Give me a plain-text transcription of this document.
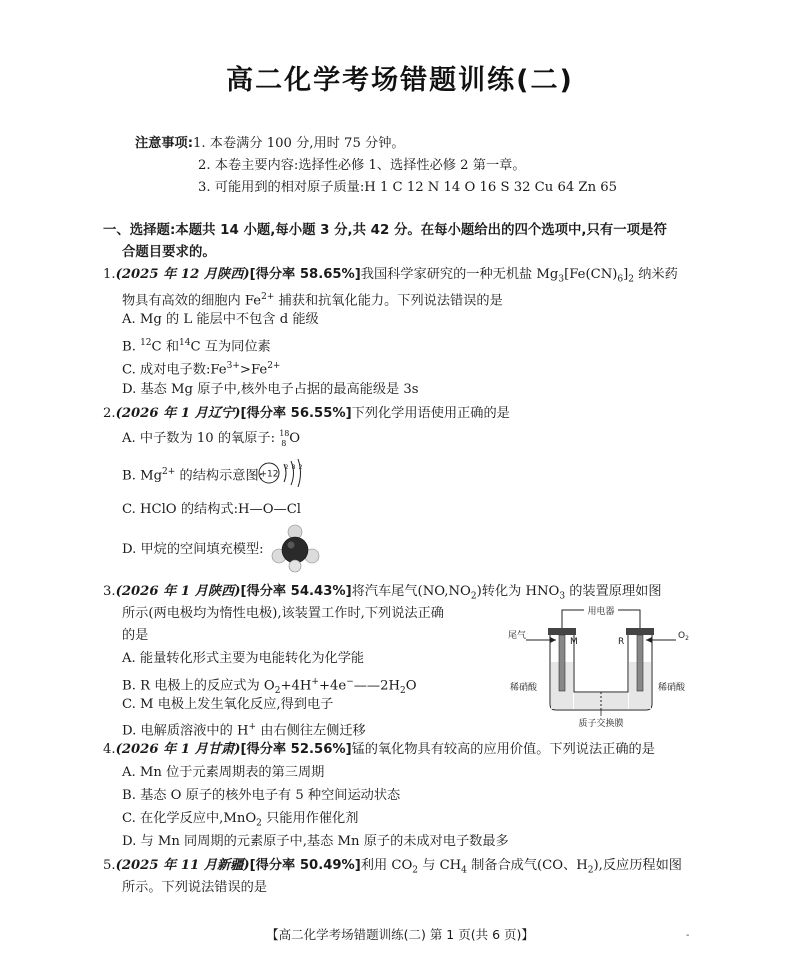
高二化学考场错题训练(二)
注意事项:1. 本卷满分 100 分,用时 75 分钟。
2. 本卷主要内容:选择性必修 1、选择性必修 2 第一章。
3. 可能用到的相对原子质量:H 1 C 12 N 14 O 16 S 32 Cu 64 Zn 65
一、选择题:本题共 14 小题,每小题 3 分,共 42 分。在每小题给出的四个选项中,只有一项是符
合题目要求的。
1.(2025 年 12 月陕西)[得分率 58.65%]我国科学家研究的一种无机盐 $Mg_3[Fe(CN)_6]_2$ 纳米药
物具有高效的细胞内 $Fe^{2+}$ 捕获和抗氧化能力。下列说法错误的是
A. Mg 的 L 能层中不包含 d 能级
B. $^{12}$C 和$^{14}$C 互为同位素
C. 成对电子数$:Fe^{3+}>Fe^{2+}$
D. 基态 Mg 原子中,核外电子占据的最高能级是 3s
2.(2026 年 1 月辽宁)[得分率 56.55%]下列化学用语使用正确的是
A. 中子数为 10 的氧原子: 18
8 O
B. $Mg^{2+}$ 的结构示意图:
+12
2 8 2
C. HClO 的结构式:H—O—Cl
D. 甲烷的空间填充模型:
3.(2026 年 1 月陕西)[得分率 54.43%]将汽车尾气$(NO,NO_2)$转化为 $HNO_3$ 的装置原理如图
所示(两电极均为惰性电极),该装置工作时,下列说法正确
的是
A. 能量转化形式主要为电能转化为化学能
B. R 电极上的反应式为 $O_2+4H^++4e^-——2H_2O$
C. M 电极上发生氧化反应,得到电子
D. 电解质溶液中的 H+ 由右侧往左侧迁移
用电器
尾气
M	R
$O_2$
稀硝酸	稀硝酸
质子交换膜
4.(2026 年 1 月甘肃)[得分率 52.56%]锰的氧化物具有较高的应用价值。下列说法正确的是
A. Mn 位于元素周期表的第三周期
B. 基态 O 原子的核外电子有 5 种空间运动状态
C. 在化学反应中,MnO$_2$ 只能用作催化剂
D. 与 Mn 同周期的元素原子中,基态 Mn 原子的未成对电子数最多
5.(2025 年 11 月新疆)[得分率 50.49%]利用 $CO_2$ 与 $CH_4$ 制备合成气(CO、$H_2$),反应历程如图
所示。下列说法错误的是
【高二化学考场错题训练(二) 第 1 页(共 6 页)】	-
